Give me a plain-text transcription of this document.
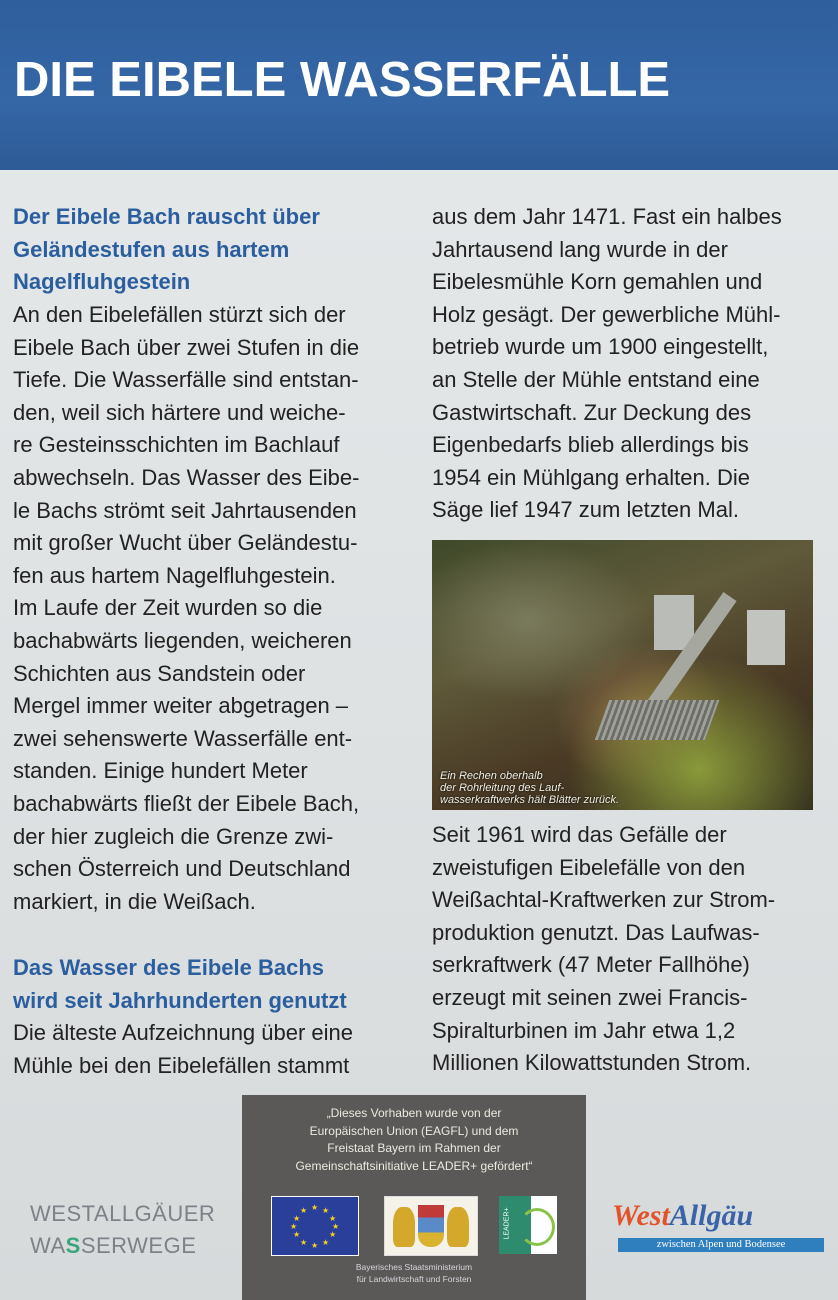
DIE EIBELE WASSERFÄLLE
Der Eibele Bach rauscht über
Geländestufen aus hartem
Nagelfluhgestein
An den Eibelefällen stürzt sich der
Eibele Bach über zwei Stufen in die
Tiefe. Die Wasserfälle sind entstan-
den, weil sich härtere und weiche-
re Gesteinsschichten im Bachlauf
abwechseln. Das Wasser des Eibe-
le Bachs strömt seit Jahrtausenden
mit großer Wucht über Geländestu-
fen aus hartem Nagelfluhgestein.
Im Laufe der Zeit wurden so die
bachabwärts liegenden, weicheren
Schichten aus Sandstein oder
Mergel immer weiter abgetragen –
zwei sehenswerte Wasserfälle ent-
standen. Einige hundert Meter
bachabwärts fließt der Eibele Bach,
der hier zugleich die Grenze zwi-
schen Österreich und Deutschland
markiert, in die Weißach.
Das Wasser des Eibele Bachs
wird seit Jahrhunderten genutzt
Die älteste Aufzeichnung über eine
Mühle bei den Eibelefällen stammt
aus dem Jahr 1471. Fast ein halbes
Jahrtausend lang wurde in der
Eibelesmühle Korn gemahlen und
Holz gesägt. Der gewerbliche Mühl-
betrieb wurde um 1900 eingestellt,
an Stelle der Mühle entstand eine
Gastwirtschaft. Zur Deckung des
Eigenbedarfs blieb allerdings bis
1954 ein Mühlgang erhalten. Die
Säge lief 1947 zum letzten Mal.
Ein Rechen oberhalb
der Rohrleitung des Lauf-
wasserkraftwerks hält Blätter zurück.
Seit 1961 wird das Gefälle der
zweistufigen Eibelefälle von den
Weißachtal-Kraftwerken zur Strom-
produktion genutzt. Das Laufwas-
serkraftwerk (47 Meter Fallhöhe)
erzeugt mit seinen zwei Francis-
Spiralturbinen im Jahr etwa 1,2
Millionen Kilowattstunden Strom.
WESTALLGÄUER
WASSERWEGE
„Dieses Vorhaben wurde von der
Europäischen Union (EAGFL) und dem
Freistaat Bayern im Rahmen der
Gemeinschaftsinitiative LEADER+ gefördert“
★ ★
★
★
★
★
★
★
★
★
★
★	LEADER+
Bayerisches Staatsministerium
für Landwirtschaft und Forsten
West Allgäu
zwischen Alpen und Bodensee
